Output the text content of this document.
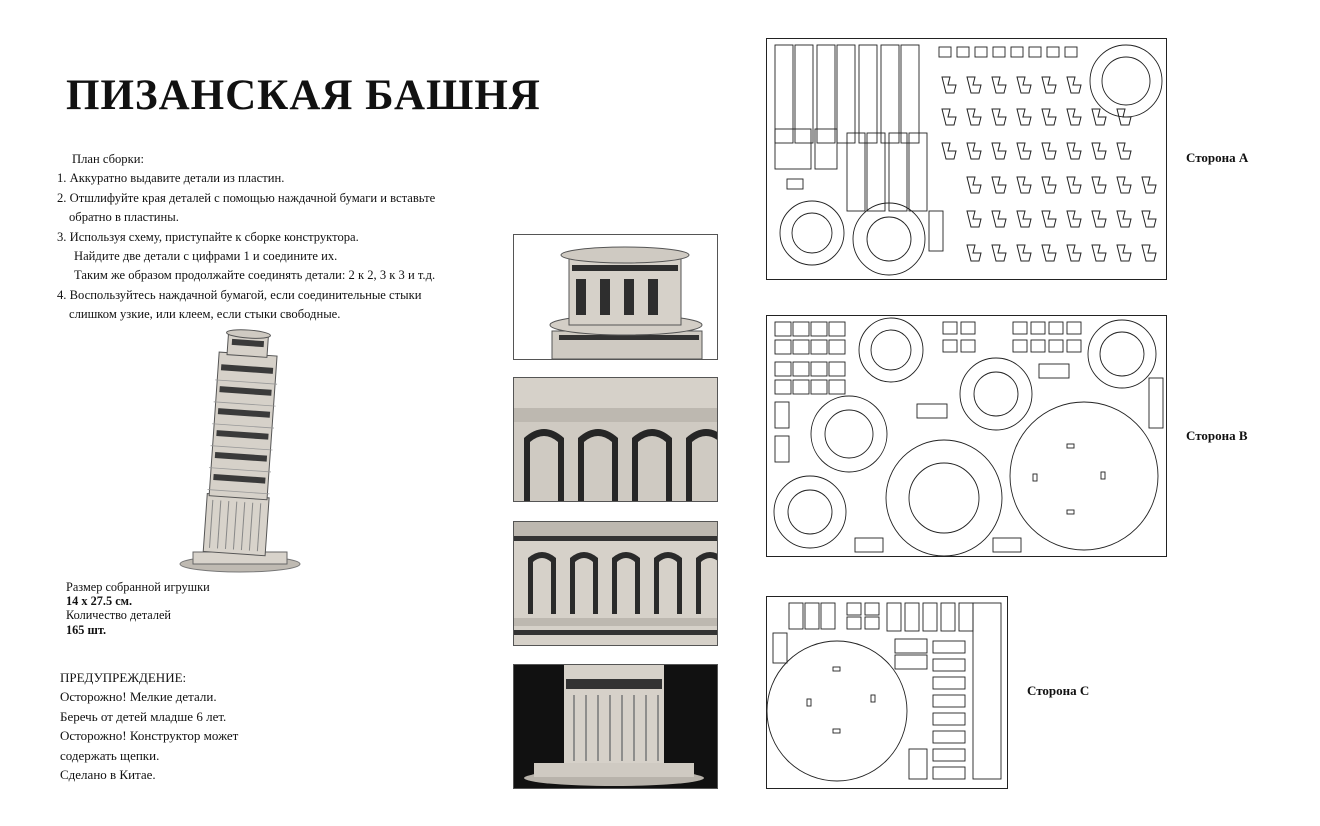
ПИЗАНСКАЯ БАШНЯ
План сборки:
1. Аккуратно выдавите детали из пластин.
2. Отшлифуйте края деталей с помощью наждачной бумаги и вставьте
обратно в пластины.
3. Используя схему, приступайте к сборке конструктора.
Найдите две детали с цифрами 1 и соедините их.
Таким же образом продолжайте соединять детали: 2 к 2, 3 к 3 и т.д.
4. Воспользуйтесь наждачной бумагой, если соединительные стыки
слишком узкие, или клеем, если стыки свободные.
Размер собранной игрушки
14 x 27.5 см.
Количество деталей
165 шт.
ПРЕДУПРЕЖДЕНИЕ:
Осторожно! Мелкие детали.
Беречь от детей младше 6 лет.
Осторожно! Конструктор может
содержать щепки.
Сделано в Китае.
Сторона А
Сторона В
Сторона С
